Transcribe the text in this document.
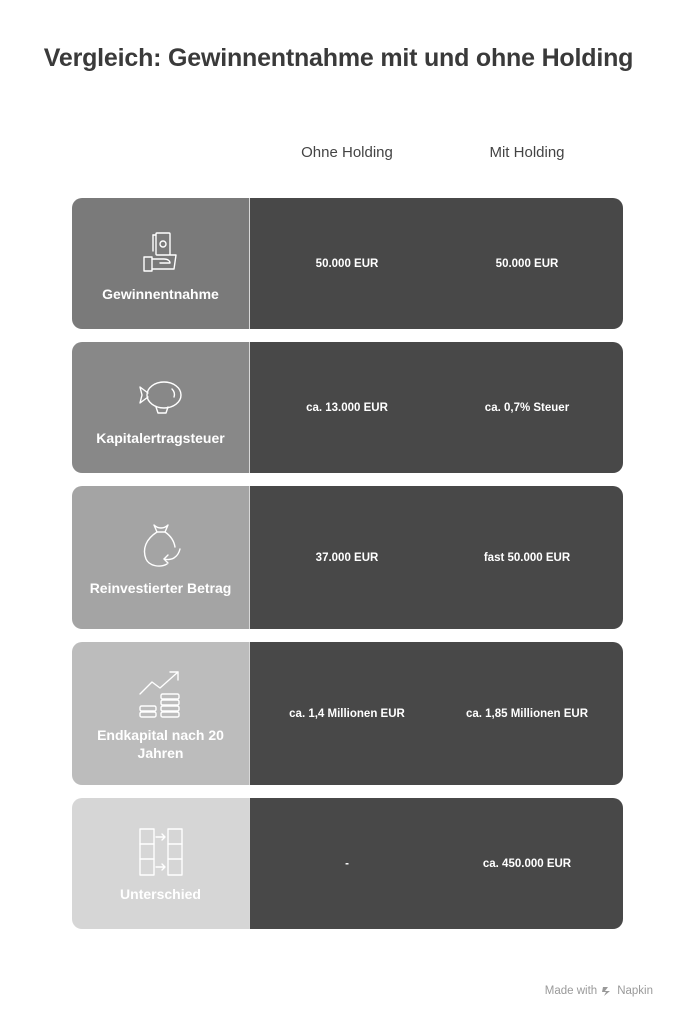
Vergleich: Gewinnentnahme mit und ohne Holding
Ohne Holding	Mit Holding
Gewinnentnahme
50.000 EUR	50.000 EUR
Kapitalertragsteuer
ca. 13.000 EUR	ca. 0,7% Steuer
Reinvestierter Betrag
37.000 EUR	fast 50.000 EUR
Endkapital nach 20 Jahren
ca. 1,4 Millionen EUR	ca. 1,85 Millionen EUR
Unterschied
-	ca. 450.000 EUR
Made with Napkin
